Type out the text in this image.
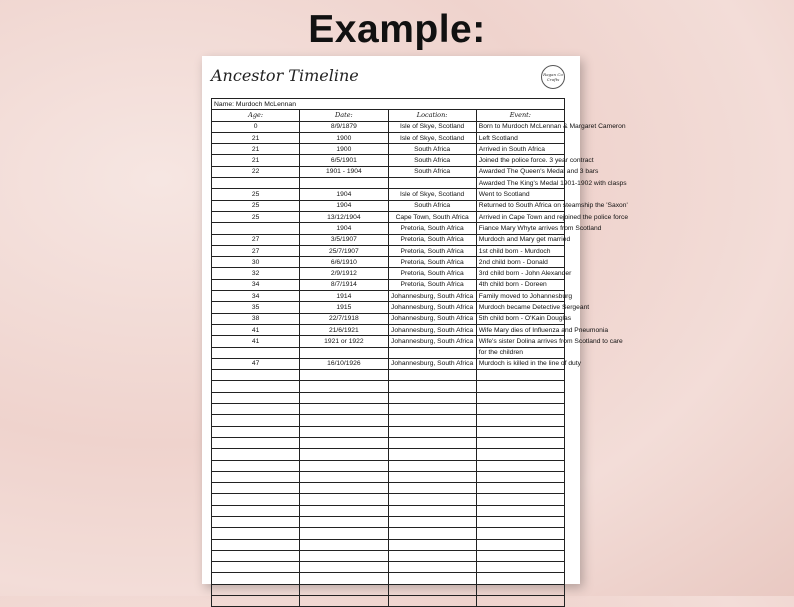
Example:
Ancestor Timeline	Ragan Co Crafts
Name: Murdoch McLennan			
Age:	Date:	Location:	Event:
0	8/9/1879	Isle of Skye, Scotland	Born to Murdoch McLennan & Margaret Cameron
21	1900	Isle of Skye, Scotland	Left Scotland
21	1900	South Africa	Arrived in South Africa
21	6/5/1901	South Africa	Joined the police force. 3 year contract
22	1901 - 1904	South Africa	Awarded The Queen's Medal and 3 bars
			Awarded The King's Medal 1901-1902 with clasps
25	1904	Isle of Skye, Scotland	Went to Scotland
25	1904	South Africa	Returned to South Africa on steamship the 'Saxon'
25	13/12/1904	Cape Town, South Africa	Arrived in Cape Town and rejoined the police force
	1904	Pretoria, South Africa	Fiance Mary Whyte arrives from Scotland
27	3/5/1907	Pretoria, South Africa	Murdoch and Mary get married
27	25/7/1907	Pretoria, South Africa	1st child born - Murdoch
30	6/6/1910	Pretoria, South Africa	2nd child born - Donald
32	2/9/1912	Pretoria, South Africa	3rd child born - John Alexander
34	8/7/1914	Pretoria, South Africa	4th child born - Doreen
34	1914	Johannesburg, South Africa	Family moved to Johannesburg
35	1915	Johannesburg, South Africa	Murdoch became Detective Sergeant
38	22/7/1918	Johannesburg, South Africa	5th child born - O'Kain Douglas
41	21/6/1921	Johannesburg, South Africa	Wife Mary dies of Influenza and Pneumonia
41	1921 or 1922	Johannesburg, South Africa	Wife's sister Dolina arrives from Scotland to care
			for the children
47	16/10/1926	Johannesburg, South Africa	Murdoch is killed in the line of duty
